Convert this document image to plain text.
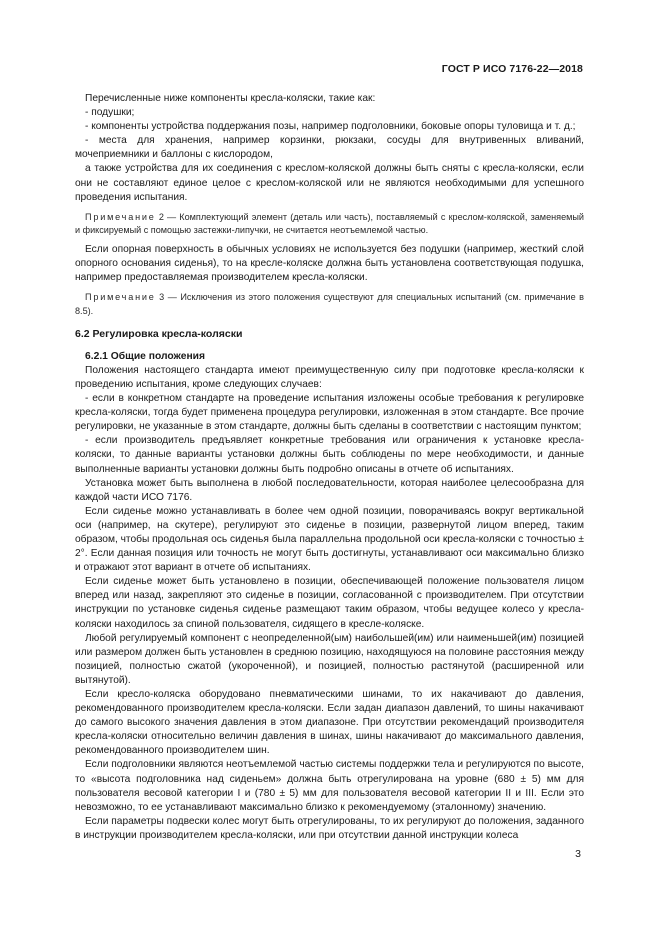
ГОСТ Р ИСО 7176-22—2018

Перечисленные ниже компоненты кресла-коляски, такие как:

- подушки;

- компоненты устройства поддержания позы, например подголовники, боковые опоры туловища и т. д.;

- места для хранения, например корзинки, рюкзаки, сосуды для внутривенных вливаний, мочеприемники и баллоны с кислородом,

а также устройства для их соединения с креслом-коляской должны быть сняты с кресла-коляски, если они не составляют единое целое с креслом-коляской или не являются необходимыми для успешного проведения испытания.

Примечание 2 — Комплектующий элемент (деталь или часть), поставляемый с креслом-коляской, заменяемый и фиксируемый с помощью застежки-липучки, не считается неотъемлемой частью.

Если опорная поверхность в обычных условиях не используется без подушки (например, жесткий слой опорного основания сиденья), то на кресле-коляске должна быть установлена соответствующая подушка, например предоставляемая производителем кресла-коляски.

Примечание 3 — Исключения из этого положения существуют для специальных испытаний (см. примечание в 8.5).

6.2 Регулировка кресла-коляски
6.2.1 Общие положения

Положения настоящего стандарта имеют преимущественную силу при подготовке кресла-коляски к проведению испытания, кроме следующих случаев:

- если в конкретном стандарте на проведение испытания изложены особые требования к регулировке кресла-коляски, тогда будет применена процедура регулировки, изложенная в этом стандарте. Все прочие регулировки, не указанные в этом стандарте, должны быть сделаны в соответствии с настоящим пунктом;

- если производитель предъявляет конкретные требования или ограничения к установке кресла-коляски, то данные варианты установки должны быть соблюдены по мере необходимости, и данные выполненные варианты установки должны быть подробно описаны в отчете об испытаниях.

Установка может быть выполнена в любой последовательности, которая наиболее целесообразна для каждой части ИСО 7176.

Если сиденье можно устанавливать в более чем одной позиции, поворачиваясь вокруг вертикальной оси (например, на скутере), регулируют это сиденье в позиции, развернутой лицом вперед, таким образом, чтобы продольная ось сиденья была параллельна продольной оси кресла-коляски с точностью ± 2°. Если данная позиция или точность не могут быть достигнуты, устанавливают оси максимально близко и отражают этот вариант в отчете об испытаниях.

Если сиденье может быть установлено в позиции, обеспечивающей положение пользователя лицом вперед или назад, закрепляют это сиденье в позиции, согласованной с производителем. При отсутствии инструкции по установке сиденья сиденье размещают таким образом, чтобы ведущее колесо у кресла-коляски находилось за спиной пользователя, сидящего в кресле-коляске.

Любой регулируемый компонент с неопределенной(ым) наибольшей(им) или наименьшей(им) позицией или размером должен быть установлен в среднюю позицию, находящуюся на половине расстояния между позицией, полностью сжатой (укороченной), и позицией, полностью растянутой (расширенной или вытянутой).

Если кресло-коляска оборудовано пневматическими шинами, то их накачивают до давления, рекомендованного производителем кресла-коляски. Если задан диапазон давлений, то шины накачивают до самого высокого значения давления в этом диапазоне. При отсутствии рекомендаций производителя кресла-коляски относительно величин давления в шинах, шины накачивают до максимального давления, рекомендованного производителем шин.

Если подголовники являются неотъемлемой частью системы поддержки тела и регулируются по высоте, то «высота подголовника над сиденьем» должна быть отрегулирована на уровне (680 ± 5) мм для пользователя весовой категории I и (780 ± 5) мм для пользователя весовой категории II и III. Если это невозможно, то ее устанавливают максимально близко к рекомендуемому (эталонному) значению.

Если параметры подвески колес могут быть отрегулированы, то их регулируют до положения, заданного в инструкции производителем кресла-коляски, или при отсутствии данной инструкции колеса

3
